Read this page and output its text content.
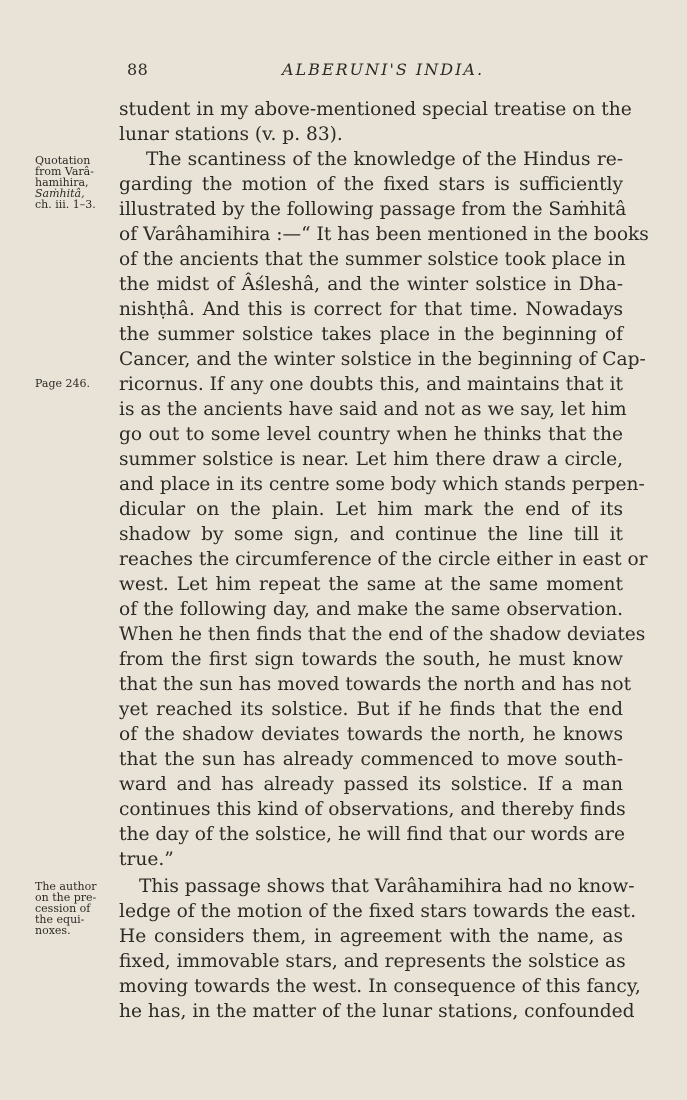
88	ALBERUNI'S INDIA.
Quotation
from Varâ-
hamihira,
Saṁhitâ,
ch. iii. 1–3.
Page 246.
The author
on the pre-
cession of
the equi-
noxes.
student in my above-mentioned special treatise on the
lunar stations (v. p. 83).
The scantiness of the knowledge of the Hindus re-
garding the motion of the fixed stars is sufficiently
illustrated by the following passage from the Saṁhitâ
of Varâhamihira :—“ It has been mentioned in the books
of the ancients that the summer solstice took place in
the midst of Âśleshâ, and the winter solstice in Dha-
nishṭhâ. And this is correct for that time. Nowadays
the summer solstice takes place in the beginning of
Cancer, and the winter solstice in the beginning of Cap-
ricornus. If any one doubts this, and maintains that it
is as the ancients have said and not as we say, let him
go out to some level country when he thinks that the
summer solstice is near. Let him there draw a circle,
and place in its centre some body which stands perpen-
dicular on the plain. Let him mark the end of its
shadow by some sign, and continue the line till it
reaches the circumference of the circle either in east or
west. Let him repeat the same at the same moment
of the following day, and make the same observation.
When he then finds that the end of the shadow deviates
from the first sign towards the south, he must know
that the sun has moved towards the north and has not
yet reached its solstice. But if he finds that the end
of the shadow deviates towards the north, he knows
that the sun has already commenced to move south-
ward and has already passed its solstice. If a man
continues this kind of observations, and thereby finds
the day of the solstice, he will find that our words are
true.”
This passage shows that Varâhamihira had no know-
ledge of the motion of the fixed stars towards the east.
He considers them, in agreement with the name, as
fixed, immovable stars, and represents the solstice as
moving towards the west. In consequence of this fancy,
he has, in the matter of the lunar stations, confounded
